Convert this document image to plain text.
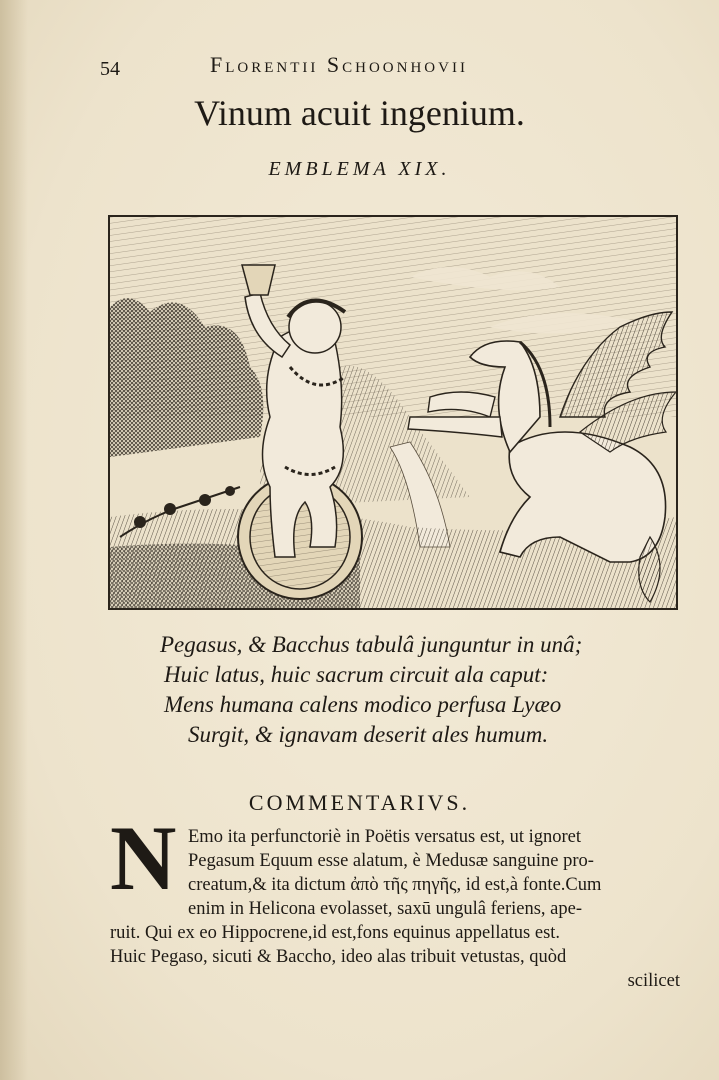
54	Florentii Schoonhovii
Vinum acuit ingenium.
EMBLEMA XIX.
Pegasus, & Bacchus tabulâ junguntur in unâ;
Huic latus, huic sacrum circuit ala caput:
Mens humana calens modico perfusa Lyæo
Surgit, & ignavam deserit ales humum.
COMMENTARIVS.
N Emo ita perfunctoriè in Poëtis versatus est, ut ignoret
Pegasum Equum esse alatum, è Medusæ sanguine pro-
creatum,& ita dictum ἀπὸ τῆς πηγῆς, id est,à fonte.Cum
enim in Helicona evolasset, saxū ungulâ feriens, ape-
ruit. Qui ex eo Hippocrene,id est,fons equinus appellatus est.
Huic Pegaso, sicuti & Baccho, ideo alas tribuit vetustas, quòd
scilicet
